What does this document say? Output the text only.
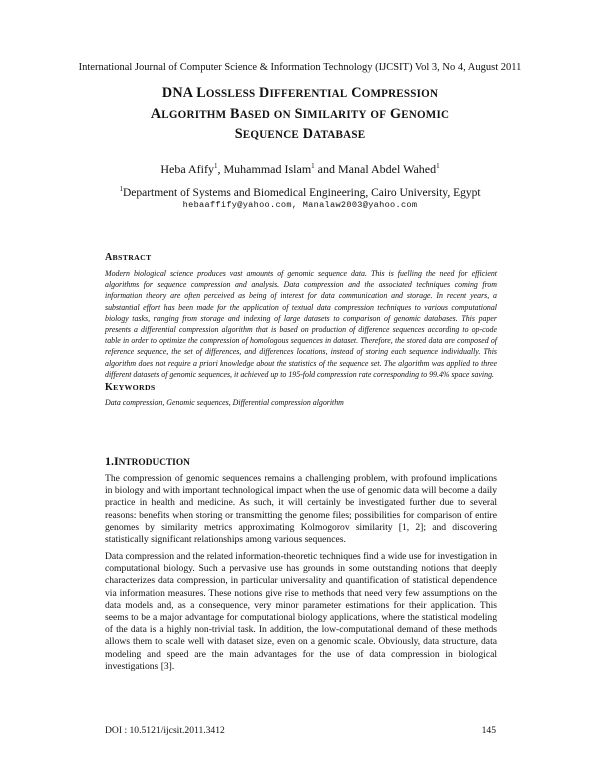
International Journal of Computer Science & Information Technology (IJCSIT) Vol 3, No 4, August 2011
DNA LOSSLESS DIFFERENTIAL COMPRESSION
ALGORITHM BASED ON SIMILARITY OF GENOMIC
SEQUENCE DATABASE
Heba Afify$^1$, Muhammad Islam$^1$ and Manal Abdel Wahed$^1$
$^1$Department of Systems and Biomedical Engineering, Cairo University, Egypt
hebaaffify@yahoo.com, Manalaw2003@yahoo.com
ABSTRACT
Modern biological science produces vast amounts of genomic sequence data. This is fuelling the need for efficient algorithms for sequence compression and analysis. Data compression and the associated techniques coming from information theory are often perceived as being of interest for data communication and storage. In recent years, a substantial effort has been made for the application of textual data compression techniques to various computational biology tasks, ranging from storage and indexing of large datasets to comparison of genomic databases. This paper presents a differential compression algorithm that is based on production of difference sequences according to op-code table in order to optimize the compression of homologous sequences in dataset. Therefore, the stored data are composed of reference sequence, the set of differences, and differences locations, instead of storing each sequence individually. This algorithm does not require a priori knowledge about the statistics of the sequence set. The algorithm was applied to three different datasets of genomic sequences, it achieved up to 195-fold compression rate corresponding to 99.4% space saving.
KEYWORDS
Data compression, Genomic sequences, Differential compression algorithm
1.INTRODUCTION
The compression of genomic sequences remains a challenging problem, with profound implications in biology and with important technological impact when the use of genomic data will become a daily practice in health and medicine. As such, it will certainly be investigated further due to several reasons: benefits when storing or transmitting the genome files; possibilities for comparison of entire genomes by similarity metrics approximating Kolmogorov similarity [1, 2]; and discovering statistically significant relationships among various sequences.
Data compression and the related information-theoretic techniques find a wide use for investigation in computational biology. Such a pervasive use has grounds in some outstanding notions that deeply characterizes data compression, in particular universality and quantification of statistical dependence via information measures. These notions give rise to methods that need very few assumptions on the data models and, as a consequence, very minor parameter estimations for their application. This seems to be a major advantage for computational biology applications, where the statistical modeling of the data is a highly non-trivial task. In addition, the low-computational demand of these methods allows them to scale well with dataset size, even on a genomic scale. Obviously, data structure, data modeling and speed are the main advantages for the use of data compression in biological investigations [3].
DOI : 10.5121/ijcsit.2011.3412	145
